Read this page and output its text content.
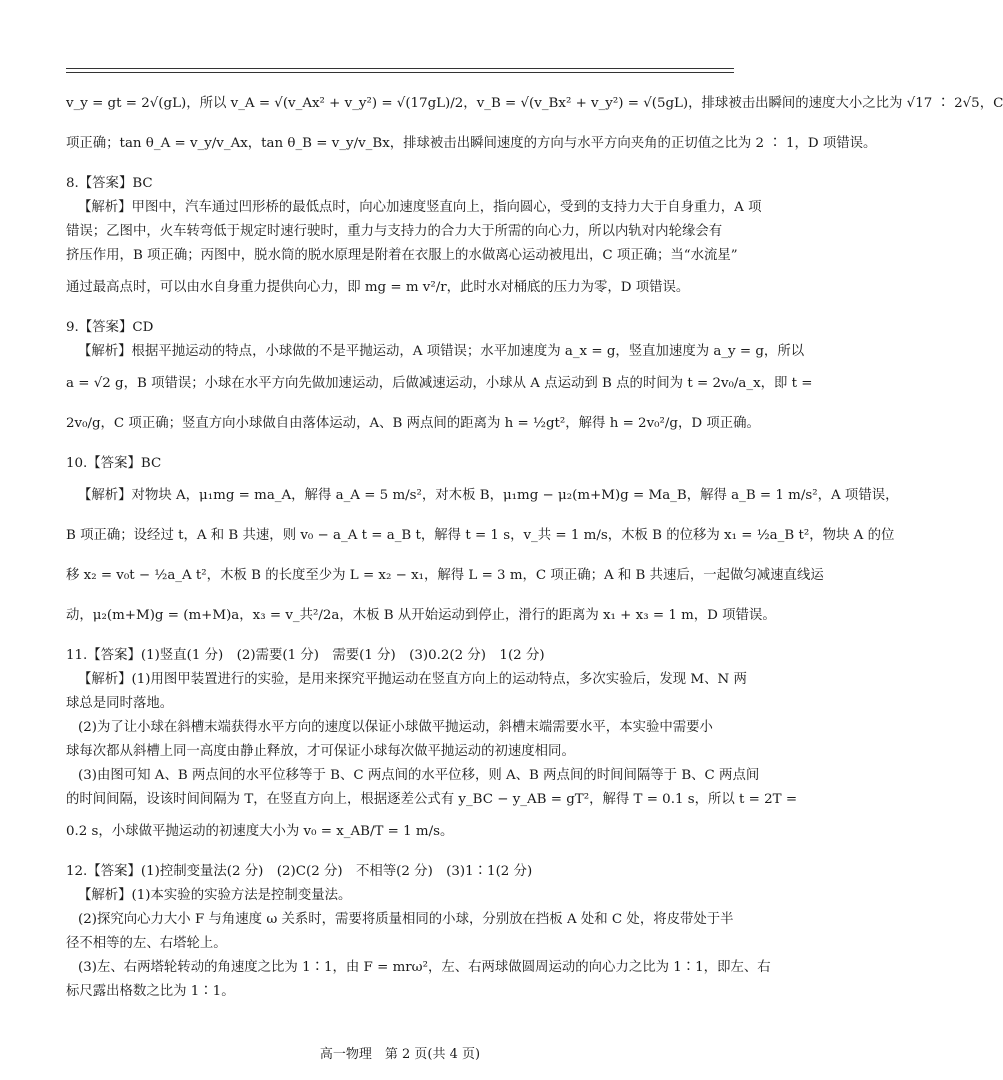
v_y = gt = 2√(gL)，所以 v_A = √(v_Ax² + v_y²) = √(17gL)/2，v_B = √(v_Bx² + v_y²) = √(5gL)，排球被击出瞬间的速度大小之比为 √17 ∶ 2√5，C
项正确；tan θ_A = v_y/v_Ax，tan θ_B = v_y/v_Bx，排球被击出瞬间速度的方向与水平方向夹角的正切值之比为 2 ∶ 1，D 项错误。
8.【答案】BC
【解析】甲图中，汽车通过凹形桥的最低点时，向心加速度竖直向上，指向圆心，受到的支持力大于自身重力，A 项
错误；乙图中，火车转弯低于规定时速行驶时，重力与支持力的合力大于所需的向心力，所以内轨对内轮缘会有
挤压作用，B 项正确；丙图中，脱水筒的脱水原理是附着在衣服上的水做离心运动被甩出，C 项正确；当“水流星”
通过最高点时，可以由水自身重力提供向心力，即 mg = m v²/r，此时水对桶底的压力为零，D 项错误。
9.【答案】CD
【解析】根据平抛运动的特点，小球做的不是平抛运动，A 项错误；水平加速度为 a_x = g，竖直加速度为 a_y = g，所以
a = √2 g，B 项错误；小球在水平方向先做加速运动，后做减速运动，小球从 A 点运动到 B 点的时间为 t = 2v₀/a_x，即 t =
2v₀/g，C 项正确；竖直方向小球做自由落体运动，A、B 两点间的距离为 h = ½gt²，解得 h = 2v₀²/g，D 项正确。
10.【答案】BC
【解析】对物块 A，μ₁mg = ma_A，解得 a_A = 5 m/s²，对木板 B，μ₁mg − μ₂(m+M)g = Ma_B，解得 a_B = 1 m/s²，A 项错误，
B 项正确；设经过 t，A 和 B 共速，则 v₀ − a_A t = a_B t，解得 t = 1 s，v_共 = 1 m/s，木板 B 的位移为 x₁ = ½a_B t²，物块 A 的位
移 x₂ = v₀t − ½a_A t²，木板 B 的长度至少为 L = x₂ − x₁，解得 L = 3 m，C 项正确；A 和 B 共速后，一起做匀减速直线运
动，μ₂(m+M)g = (m+M)a，x₃ = v_共²/2a，木板 B 从开始运动到停止，滑行的距离为 x₁ + x₃ = 1 m，D 项错误。
11.【答案】(1)竖直(1 分)　(2)需要(1 分)　需要(1 分)　(3)0.2(2 分)　1(2 分)
【解析】(1)用图甲装置进行的实验，是用来探究平抛运动在竖直方向上的运动特点，多次实验后，发现 M、N 两
球总是同时落地。
(2)为了让小球在斜槽末端获得水平方向的速度以保证小球做平抛运动，斜槽末端需要水平，本实验中需要小
球每次都从斜槽上同一高度由静止释放，才可保证小球每次做平抛运动的初速度相同。
(3)由图可知 A、B 两点间的水平位移等于 B、C 两点间的水平位移，则 A、B 两点间的时间间隔等于 B、C 两点间
的时间间隔，设该时间间隔为 T，在竖直方向上，根据逐差公式有 y_BC − y_AB = gT²，解得 T = 0.1 s，所以 t = 2T =
0.2 s，小球做平抛运动的初速度大小为 v₀ = x_AB/T = 1 m/s。
12.【答案】(1)控制变量法(2 分)　(2)C(2 分)　不相等(2 分)　(3)1∶1(2 分)
【解析】(1)本实验的实验方法是控制变量法。
(2)探究向心力大小 F 与角速度 ω 关系时，需要将质量相同的小球，分别放在挡板 A 处和 C 处，将皮带处于半
径不相等的左、右塔轮上。
(3)左、右两塔轮转动的角速度之比为 1∶1，由 F = mrω²，左、右两球做圆周运动的向心力之比为 1∶1，即左、右
标尺露出格数之比为 1∶1。
高一物理　第 2 页(共 4 页)
